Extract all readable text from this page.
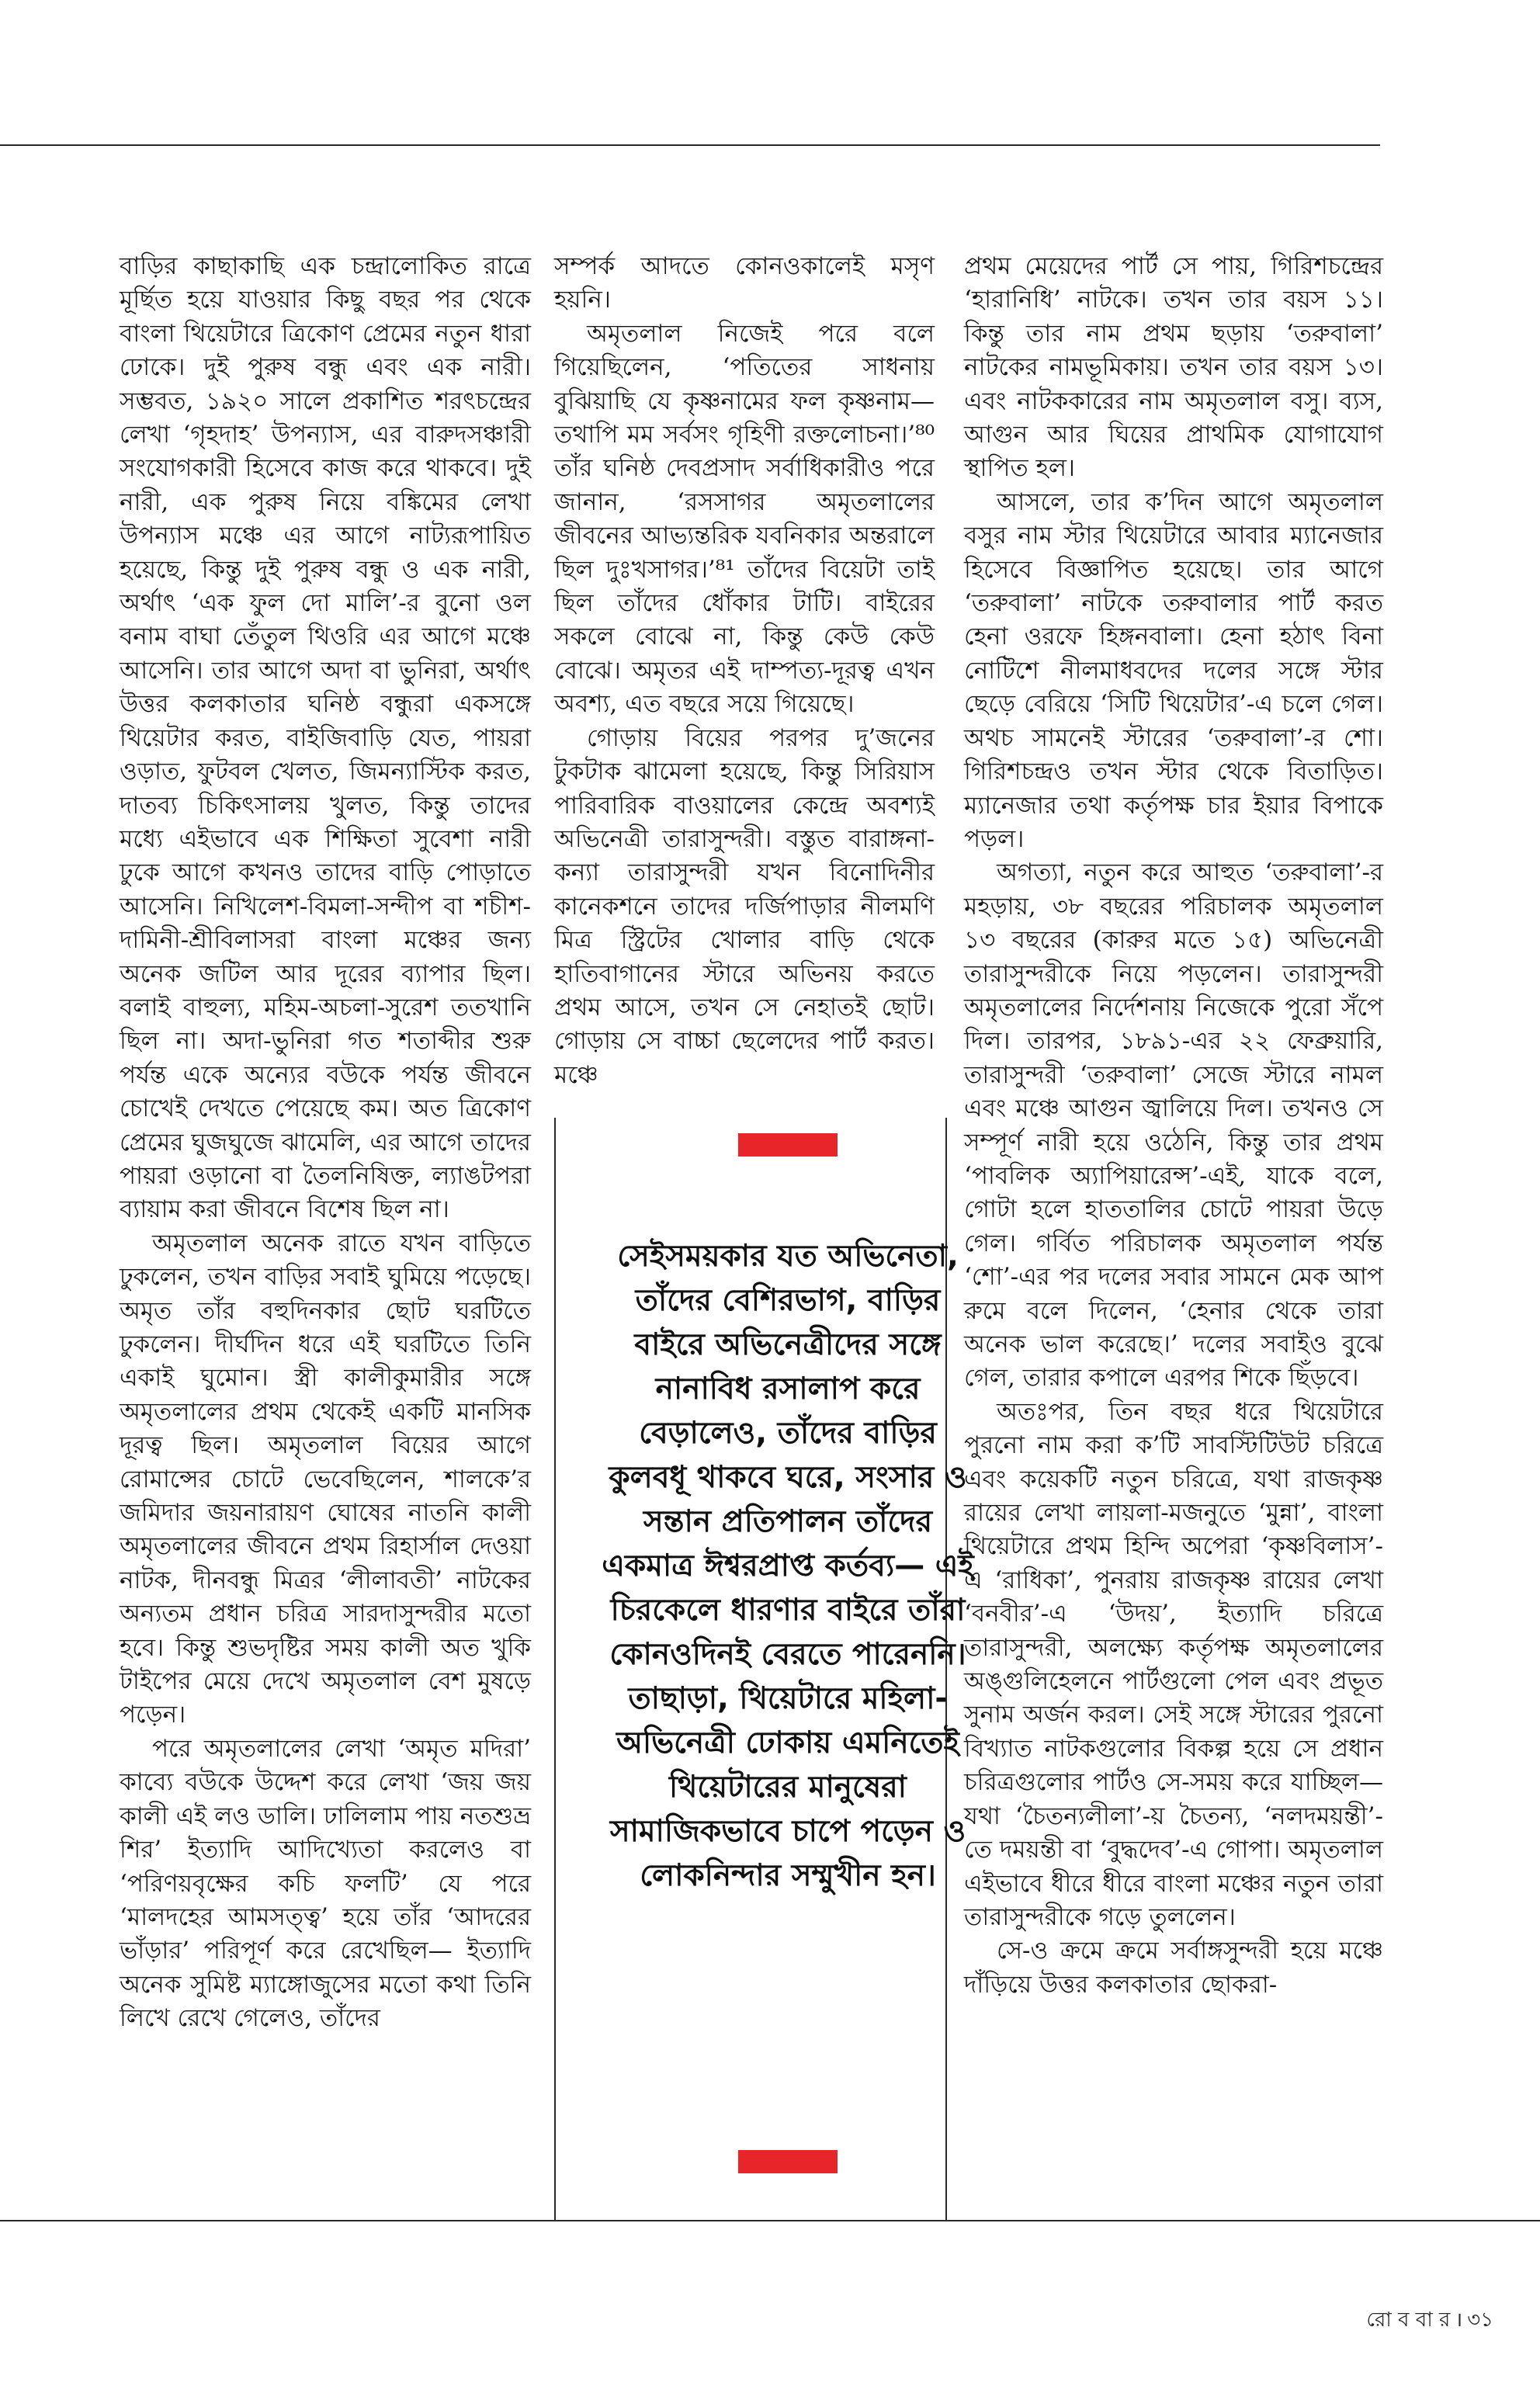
বাড়ির কাছাকাছি এক চন্দ্রালোকিত রাত্রে মূর্ছিত হয়ে যাওয়ার কিছু বছর পর থেকে বাংলা থিয়েটারে ত্রিকোণ প্রেমের নতুন ধারা ঢোকে। দুই পুরুষ বন্ধু এবং এক নারী। সম্ভবত, ১৯২০ সালে প্রকাশিত শরৎচন্দ্রের লেখা ‘গৃহদাহ’ উপন্যাস, এর বারুদসঞ্চারী সংযোগকারী হিসেবে কাজ করে থাকবে। দুই নারী, এক পুরুষ নিয়ে বঙ্কিমের লেখা উপন্যাস মঞ্চে এর আগে নাট্যরূপায়িত হয়েছে, কিন্তু দুই পুরুষ বন্ধু ও এক নারী, অর্থাৎ ‘এক ফুল দো মালি’-র বুনো ওল বনাম বাঘা তেঁতুল থিওরি এর আগে মঞ্চে আসেনি। তার আগে অদা বা ভুনিরা, অর্থাৎ উত্তর কলকাতার ঘনিষ্ঠ বন্ধুরা একসঙ্গে থিয়েটার করত, বাইজিবাড়ি যেত, পায়রা ওড়াত, ফুটবল খেলত, জিমন্যাস্টিক করত, দাতব্য চিকিৎসালয় খুলত, কিন্তু তাদের মধ্যে এইভাবে এক শিক্ষিতা সুবেশা নারী ঢুকে আগে কখনও তাদের বাড়ি পোড়াতে আসেনি। নিখিলেশ-বিমলা-সন্দীপ বা শচীশ-দামিনী-শ্রীবিলাসরা বাংলা মঞ্চের জন্য অনেক জটিল আর দূরের ব্যাপার ছিল। বলাই বাহুল্য, মহিম-অচলা-সুরেশ ততখানি ছিল না। অদা-ভুনিরা গত শতাব্দীর শুরু পর্যন্ত একে অন্যের বউকে পর্যন্ত জীবনে চোখেই দেখতে পেয়েছে কম। অত ত্রিকোণ প্রেমের ঘুজঘুজে ঝামেলি, এর আগে তাদের পায়রা ওড়ানো বা তৈলনিষিক্ত, ল্যাঙটপরা ব্যায়াম করা জীবনে বিশেষ ছিল না।

অমৃতলাল অনেক রাতে যখন বাড়িতে ঢুকলেন, তখন বাড়ির সবাই ঘুমিয়ে পড়েছে। অমৃত তাঁর বহুদিনকার ছোট ঘরটিতে ঢুকলেন। দীর্ঘদিন ধরে এই ঘরটিতে তিনি একাই ঘুমোন। স্ত্রী কালীকুমারীর সঙ্গে অমৃতলালের প্রথম থেকেই একটি মানসিক দূরত্ব ছিল। অমৃতলাল বিয়ের আগে রোমান্সের চোটে ভেবেছিলেন, শালকে’র জমিদার জয়নারায়ণ ঘোষের নাতনি কালী অমৃতলালের জীবনে প্রথম রিহার্সাল দেওয়া নাটক, দীনবন্ধু মিত্রর ‘লীলাবতী’ নাটকের অন্যতম প্রধান চরিত্র সারদাসুন্দরীর মতো হবে। কিন্তু শুভদৃষ্টির সময় কালী অত খুকি টাইপের মেয়ে দেখে অমৃতলাল বেশ মুষড়ে পড়েন।

পরে অমৃতলালের লেখা ‘অমৃত মদিরা’ কাব্যে বউকে উদ্দেশ করে লেখা ‘জয় জয় কালী এই লও ডালি। ঢালিলাম পায় নতশুভ্র শির’ ইত্যাদি আদিখ্যেতা করলেও বা ‘পরিণয়বৃক্ষের কচি ফলটি’ যে পরে ‘মালদহের আমসত্ত্ব’ হয়ে তাঁর ‘আদরের ভাঁড়ার’ পরিপূর্ণ করে রেখেছিল— ইত্যাদি অনেক সুমিষ্ট ম্যাঙ্গোজুসের মতো কথা তিনি লিখে রেখে গেলেও, তাঁদের

সম্পর্ক আদতে কোনওকালেই মসৃণ হয়নি।

অমৃতলাল নিজেই পরে বলে গিয়েছিলেন, ‘পতিতের সাধনায় বুঝিয়াছি যে কৃষ্ণনামের ফল কৃষ্ণনাম— তথাপি মম সর্বসং গৃহিণী রক্তলোচনা।’⁸⁰ তাঁর ঘনিষ্ঠ দেবপ্রসাদ সর্বাধিকারীও পরে জানান, ‘রসসাগর অমৃতলালের জীবনের আভ্যন্তরিক যবনিকার অন্তরালে ছিল দুঃখসাগর।’⁸¹ তাঁদের বিয়েটা তাই ছিল তাঁদের ধোঁকার টাটি। বাইরের সকলে বোঝে না, কিন্তু কেউ কেউ বোঝে। অমৃতর এই দাম্পত্য-দূরত্ব এখন অবশ্য, এত বছরে সয়ে গিয়েছে।

গোড়ায় বিয়ের পরপর দু’জনের টুকটাক ঝামেলা হয়েছে, কিন্তু সিরিয়াস পারিবারিক বাওয়ালের কেন্দ্রে অবশ্যই অভিনেত্রী তারাসুন্দরী। বস্তুত বারাঙ্গনা-কন্যা তারাসুন্দরী যখন বিনোদিনীর কানেকশনে তাদের দর্জিপাড়ার নীলমণি মিত্র স্ট্রিটের খোলার বাড়ি থেকে হাতিবাগানের স্টারে অভিনয় করতে প্রথম আসে, তখন সে নেহাতই ছোট। গোড়ায় সে বাচ্চা ছেলেদের পার্ট করত। মঞ্চে

সেইসময়কার যত অভিনেতা, তাঁদের বেশিরভাগ, বাড়ির বাইরে অভিনেত্রীদের সঙ্গে নানাবিধ রসালাপ করে বেড়ালেও, তাঁদের বাড়ির কুলবধূ থাকবে ঘরে, সংসার ও সন্তান প্রতিপালন তাঁদের একমাত্র ঈশ্বরপ্রাপ্ত কর্তব্য— এই চিরকেলে ধারণার বাইরে তাঁরা কোনওদিনই বেরতে পারেননি। তাছাড়া, থিয়েটারে মহিলা-অভিনেত্রী ঢোকায় এমনিতেই থিয়েটারের মানুষেরা সামাজিকভাবে চাপে পড়েন ও লোকনিন্দার সম্মুখীন হন।

প্রথম মেয়েদের পার্ট সে পায়, গিরিশচন্দ্রের ‘হারানিধি’ নাটকে। তখন তার বয়স ১১। কিন্তু তার নাম প্রথম ছড়ায় ‘তরুবালা’ নাটকের নামভূমিকায়। তখন তার বয়স ১৩। এবং নাটককারের নাম অমৃতলাল বসু। ব্যস, আগুন আর ঘিয়ের প্রাথমিক যোগাযোগ স্থাপিত হল।

আসলে, তার ক’দিন আগে অমৃতলাল বসুর নাম স্টার থিয়েটারে আবার ম্যানেজার হিসেবে বিজ্ঞাপিত হয়েছে। তার আগে ‘তরুবালা’ নাটকে তরুবালার পার্ট করত হেনা ওরফে হিঙ্গনবালা। হেনা হঠাৎ বিনা নোটিশে নীলমাধবদের দলের সঙ্গে স্টার ছেড়ে বেরিয়ে ‘সিটি থিয়েটার’-এ চলে গেল। অথচ সামনেই স্টারের ‘তরুবালা’-র শো। গিরিশচন্দ্রও তখন স্টার থেকে বিতাড়িত। ম্যানেজার তথা কর্তৃপক্ষ চার ইয়ার বিপাকে পড়ল।

অগত্যা, নতুন করে আহুত ‘তরুবালা’-র মহড়ায়, ৩৮ বছরের পরিচালক অমৃতলাল ১৩ বছরের (কারুর মতে ১৫) অভিনেত্রী তারাসুন্দরীকে নিয়ে পড়লেন। তারাসুন্দরী অমৃতলালের নির্দেশনায় নিজেকে পুরো সঁপে দিল। তারপর, ১৮৯১-এর ২২ ফেব্রুয়ারি, তারাসুন্দরী ‘তরুবালা’ সেজে স্টারে নামল এবং মঞ্চে আগুন জ্বালিয়ে দিল। তখনও সে সম্পূর্ণ নারী হয়ে ওঠেনি, কিন্তু তার প্রথম ‘পাবলিক অ্যাপিয়ারেন্স’-এই, যাকে বলে, গোটা হলে হাততালির চোটে পায়রা উড়ে গেল। গর্বিত পরিচালক অমৃতলাল পর্যন্ত ‘শো’-এর পর দলের সবার সামনে মেক আপ রুমে বলে দিলেন, ‘হেনার থেকে তারা অনেক ভাল করেছে।’ দলের সবাইও বুঝে গেল, তারার কপালে এরপর শিকে ছিঁড়বে।

অতঃপর, তিন বছর ধরে থিয়েটারে পুরনো নাম করা ক’টি সাবস্টিটিউট চরিত্রে এবং কয়েকটি নতুন চরিত্রে, যথা রাজকৃষ্ণ রায়ের লেখা লায়লা-মজনুতে ‘মুন্না’, বাংলা থিয়েটারে প্রথম হিন্দি অপেরা ‘কৃষ্ণবিলাস’-এ ‘রাধিকা’, পুনরায় রাজকৃষ্ণ রায়ের লেখা ‘বনবীর’-এ ‘উদয়’, ইত্যাদি চরিত্রে তারাসুন্দরী, অলক্ষ্যে কর্তৃপক্ষ অমৃতলালের অঙ্গুলিহেলনে পার্টগুলো পেল এবং প্রভূত সুনাম অর্জন করল। সেই সঙ্গে স্টারের পুরনো বিখ্যাত নাটকগুলোর বিকল্প হয়ে সে প্রধান চরিত্রগুলোর পার্টও সে-সময় করে যাচ্ছিল— যথা ‘চৈতন্যলীলা’-য় চৈতন্য, ‘নলদময়ন্তী’-তে দময়ন্তী বা ‘বুদ্ধদেব’-এ গোপা। অমৃতলাল এইভাবে ধীরে ধীরে বাংলা মঞ্চের নতুন তারা তারাসুন্দরীকে গড়ে তুললেন।

সে-ও ক্রমে ক্রমে সর্বাঙ্গসুন্দরী হয়ে মঞ্চে দাঁড়িয়ে উত্তর কলকাতার ছোকরা-

রো ব বা র । ৩১
